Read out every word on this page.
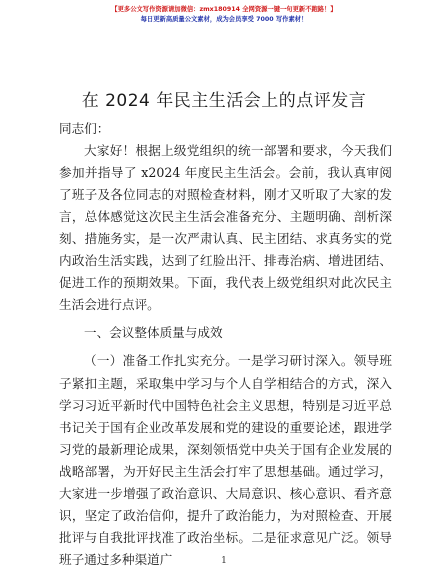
【更多公文写作资源请加微信：zmx180914 全网资源一键一句更新不跑路！】
每日更新高质量公文素材，成为会员享受 7000 写作素材！
在 2024 年民主生活会上的点评发言

同志们：

大家好！根据上级党组织的统一部署和要求，今天我们参加并指导了 x2024 年度民主生活会。会前，我认真审阅了班子及各位同志的对照检查材料，刚才又听取了大家的发言，总体感觉这次民主生活会准备充分、主题明确、剖析深刻、措施务实，是一次严肃认真、民主团结、求真务实的党内政治生活实践，达到了红脸出汗、排毒治病、增进团结、促进工作的预期效果。下面，我代表上级党组织对此次民主生活会进行点评。

一、会议整体质量与成效

（一）准备工作扎实充分。一是学习研讨深入。领导班子紧扣主题，采取集中学习与个人自学相结合的方式，深入学习习近平新时代中国特色社会主义思想，特别是习近平总书记关于国有企业改革发展和党的建设的重要论述，跟进学习党的最新理论成果，深刻领悟党中央关于国有企业发展的战略部署，为开好民主生活会打牢了思想基础。通过学习，大家进一步增强了政治意识、大局意识、核心意识、看齐意识，坚定了政治信仰，提升了政治能力，为对照检查、开展批评与自我批评找准了政治坐标。二是征求意见广泛。领导班子通过多种渠道广	1
